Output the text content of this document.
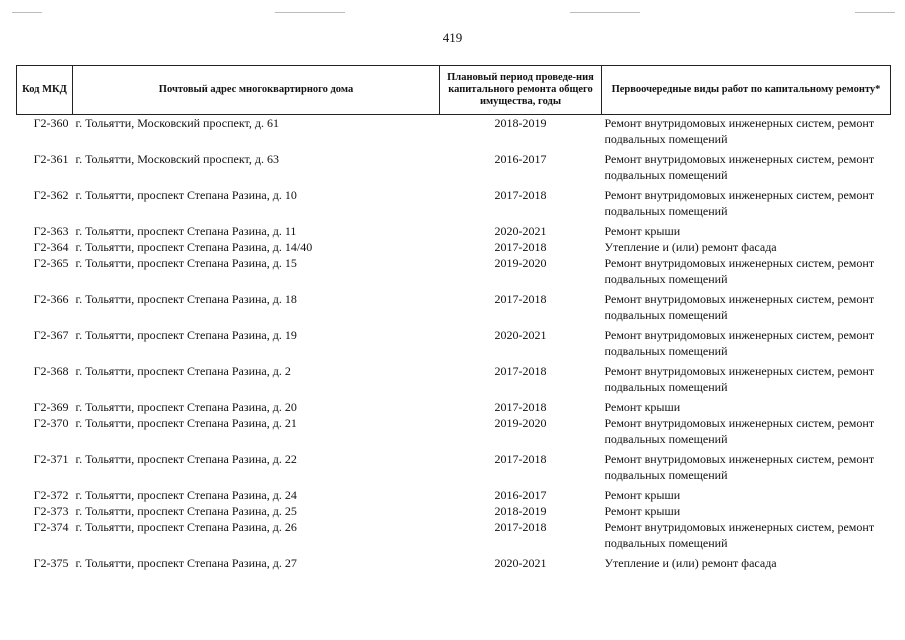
419
Код МКД	Почтовый адрес многоквартирного дома	Плановый период проведе-ния капитального ремонта общего имущества, годы	Первоочередные виды работ по капитальному ремонту*
Г2-360	г. Тольятти, Московский проспект, д. 61	2018-2019	Ремонт внутридомовых инженерных систем, ремонт подвальных помещений
Г2-361	г. Тольятти, Московский проспект, д. 63	2016-2017	Ремонт внутридомовых инженерных систем, ремонт подвальных помещений
Г2-362	г. Тольятти, проспект Степана Разина, д. 10	2017-2018	Ремонт внутридомовых инженерных систем, ремонт подвальных помещений
Г2-363	г. Тольятти, проспект Степана Разина, д. 11	2020-2021	Ремонт крыши
Г2-364	г. Тольятти, проспект Степана Разина, д. 14/40	2017-2018	Утепление и (или) ремонт фасада
Г2-365	г. Тольятти, проспект Степана Разина, д. 15	2019-2020	Ремонт внутридомовых инженерных систем, ремонт подвальных помещений
Г2-366	г. Тольятти, проспект Степана Разина, д. 18	2017-2018	Ремонт внутридомовых инженерных систем, ремонт подвальных помещений
Г2-367	г. Тольятти, проспект Степана Разина, д. 19	2020-2021	Ремонт внутридомовых инженерных систем, ремонт подвальных помещений
Г2-368	г. Тольятти, проспект Степана Разина, д. 2	2017-2018	Ремонт внутридомовых инженерных систем, ремонт подвальных помещений
Г2-369	г. Тольятти, проспект Степана Разина, д. 20	2017-2018	Ремонт крыши
Г2-370	г. Тольятти, проспект Степана Разина, д. 21	2019-2020	Ремонт внутридомовых инженерных систем, ремонт подвальных помещений
Г2-371	г. Тольятти, проспект Степана Разина, д. 22	2017-2018	Ремонт внутридомовых инженерных систем, ремонт подвальных помещений
Г2-372	г. Тольятти, проспект Степана Разина, д. 24	2016-2017	Ремонт крыши
Г2-373	г. Тольятти, проспект Степана Разина, д. 25	2018-2019	Ремонт крыши
Г2-374	г. Тольятти, проспект Степана Разина, д. 26	2017-2018	Ремонт внутридомовых инженерных систем, ремонт подвальных помещений
Г2-375	г. Тольятти, проспект Степана Разина, д. 27	2020-2021	Утепление и (или) ремонт фасада
